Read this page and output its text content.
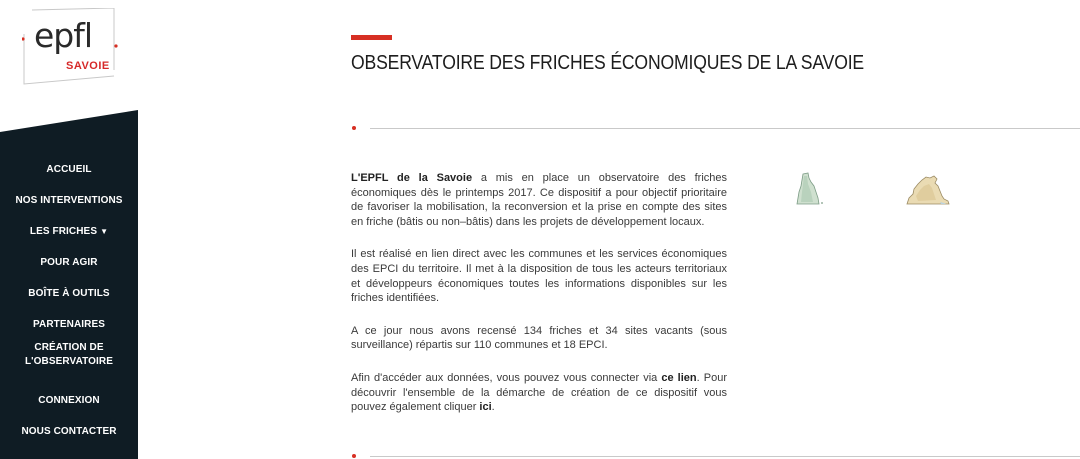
epfl
SAVOIE
ACCUEIL
NOS INTERVENTIONS
LES FRICHES ▼
POUR AGIR
BOÎTE À OUTILS
PARTENAIRES
CRÉATION DE
L'OBSERVATOIRE
CONNEXION
NOUS CONTACTER
OBSERVATOIRE DES FRICHES ÉCONOMIQUES DE LA SAVOIE

L'EPFL de la Savoie a mis en place un observatoire des friches économiques dès le printemps 2017. Ce dispositif a pour objectif prioritaire de favoriser la mobilisation, la reconversion et la prise en compte des sites en friche (bâtis ou non–bâtis) dans les projets de développement locaux.

Il est réalisé en lien direct avec les communes et les services économiques des EPCI du territoire. Il met à la disposition de tous les acteurs territoriaux et développeurs économiques toutes les informations disponibles sur les friches identifiées.

A ce jour nous avons recensé 134 friches et 34 sites vacants (sous surveillance) répartis sur 110 communes et 18 EPCI.

Afin d'accéder aux données, vous pouvez vous connecter via ce lien. Pour découvrir l'ensemble de la démarche de création de ce dispositif vous pouvez également cliquer ici.
